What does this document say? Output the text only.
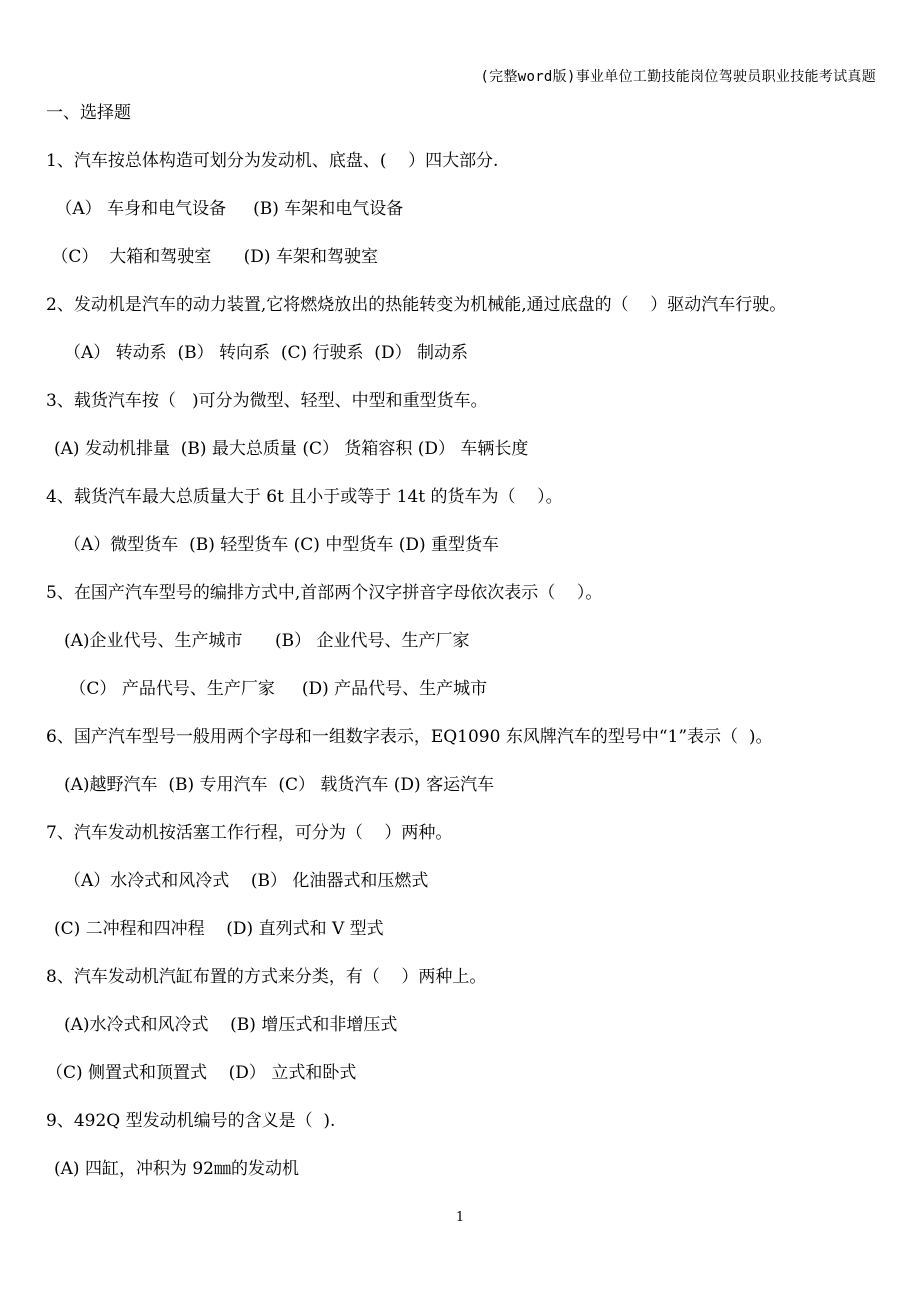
(完整word版)事业单位工勤技能岗位驾驶员职业技能考试真题
一、选择题
1、汽车按总体构造可划分为发动机、底盘、(    ）四大部分.
（A） 车身和电气设备     (B) 车架和电气设备
（C）  大箱和驾驶室      (D) 车架和驾驶室
2、发动机是汽车的动力装置,它将燃烧放出的热能转变为机械能,通过底盘的（    ）驱动汽车行驶。
（A） 转动系  (B） 转向系  (C) 行驶系  (D） 制动系
3、载货汽车按（   )可分为微型、轻型、中型和重型货车。
(A) 发动机排量  (B) 最大总质量 (C） 货箱容积 (D） 车辆长度
4、载货汽车最大总质量大于 6t 且小于或等于 14t 的货车为（    ）。
（A）微型货车  (B) 轻型货车 (C) 中型货车 (D) 重型货车
5、在国产汽车型号的编排方式中,首部两个汉字拼音字母依次表示（    ）。
(A)企业代号、生产城市      (B） 企业代号、生产厂家
（C） 产品代号、生产厂家     (D) 产品代号、生产城市
6、国产汽车型号一般用两个字母和一组数字表示，EQ1090 东风牌汽车的型号中“1”表示（  )。
(A)越野汽车  (B) 专用汽车  (C） 载货汽车 (D) 客运汽车
7、汽车发动机按活塞工作行程，可分为（    ）两种。
（A）水冷式和风冷式    (B） 化油器式和压燃式
(C) 二冲程和四冲程    (D) 直列式和 V 型式
8、汽车发动机汽缸布置的方式来分类，有（    ）两种上。
(A)水冷式和风冷式    (B) 增压式和非增压式
（C) 侧置式和顶置式    (D） 立式和卧式
9、492Q 型发动机编号的含义是（  ).
(A) 四缸，冲积为 92㎜的发动机
1
